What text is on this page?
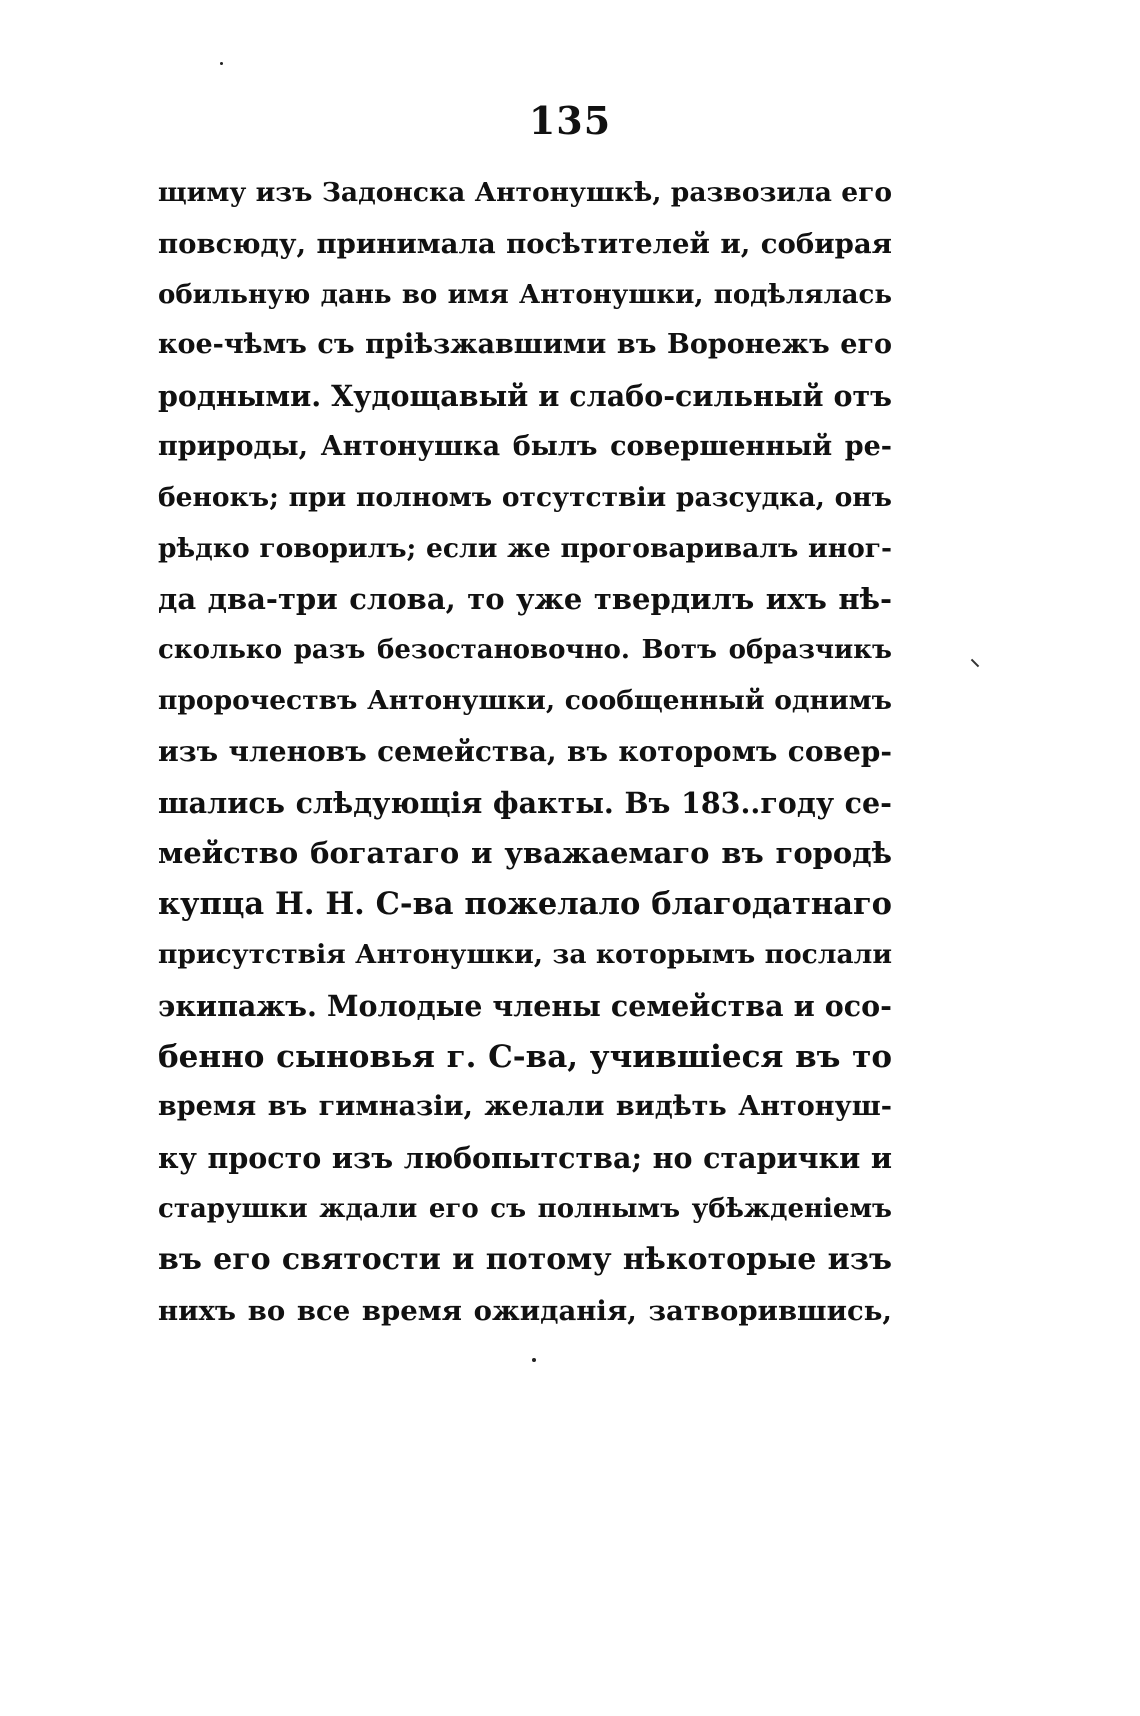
135
щиму изъ Задонска Антонушкѣ, развозила его
повсюду, принимала посѣтителей и, собирая
обильную дань во имя Антонушки, подѣлялась
кое-чѣмъ съ пріѣзжавшими въ Воронежъ его
родными. Худощавый и слабо-сильный отъ
природы, Антонушка былъ совершенный ре-
бенокъ; при полномъ отсутствіи разсудка, онъ
рѣдко говорилъ; если же проговаривалъ иног-
да два-три слова, то уже твердилъ ихъ нѣ-
сколько разъ безостановочно. Вотъ образчикъ
пророчествъ Антонушки, сообщенный однимъ
изъ членовъ семейства, въ которомъ совер-
шались слѣдующія факты. Въ 183..году се-
мейство богатаго и уважаемаго въ городѣ
купца Н. Н. С-ва пожелало благодатнаго
присутствія Антонушки, за которымъ послали
экипажъ. Молодые члены семейства и осо-
бенно сыновья г. С-ва, учившіеся въ то
время въ гимназіи, желали видѣть Антонуш-
ку просто изъ любопытства; но старички и
старушки ждали его съ полнымъ убѣжденіемъ
въ его святости и потому нѣкоторые изъ
нихъ во все время ожиданія, затворившись,
